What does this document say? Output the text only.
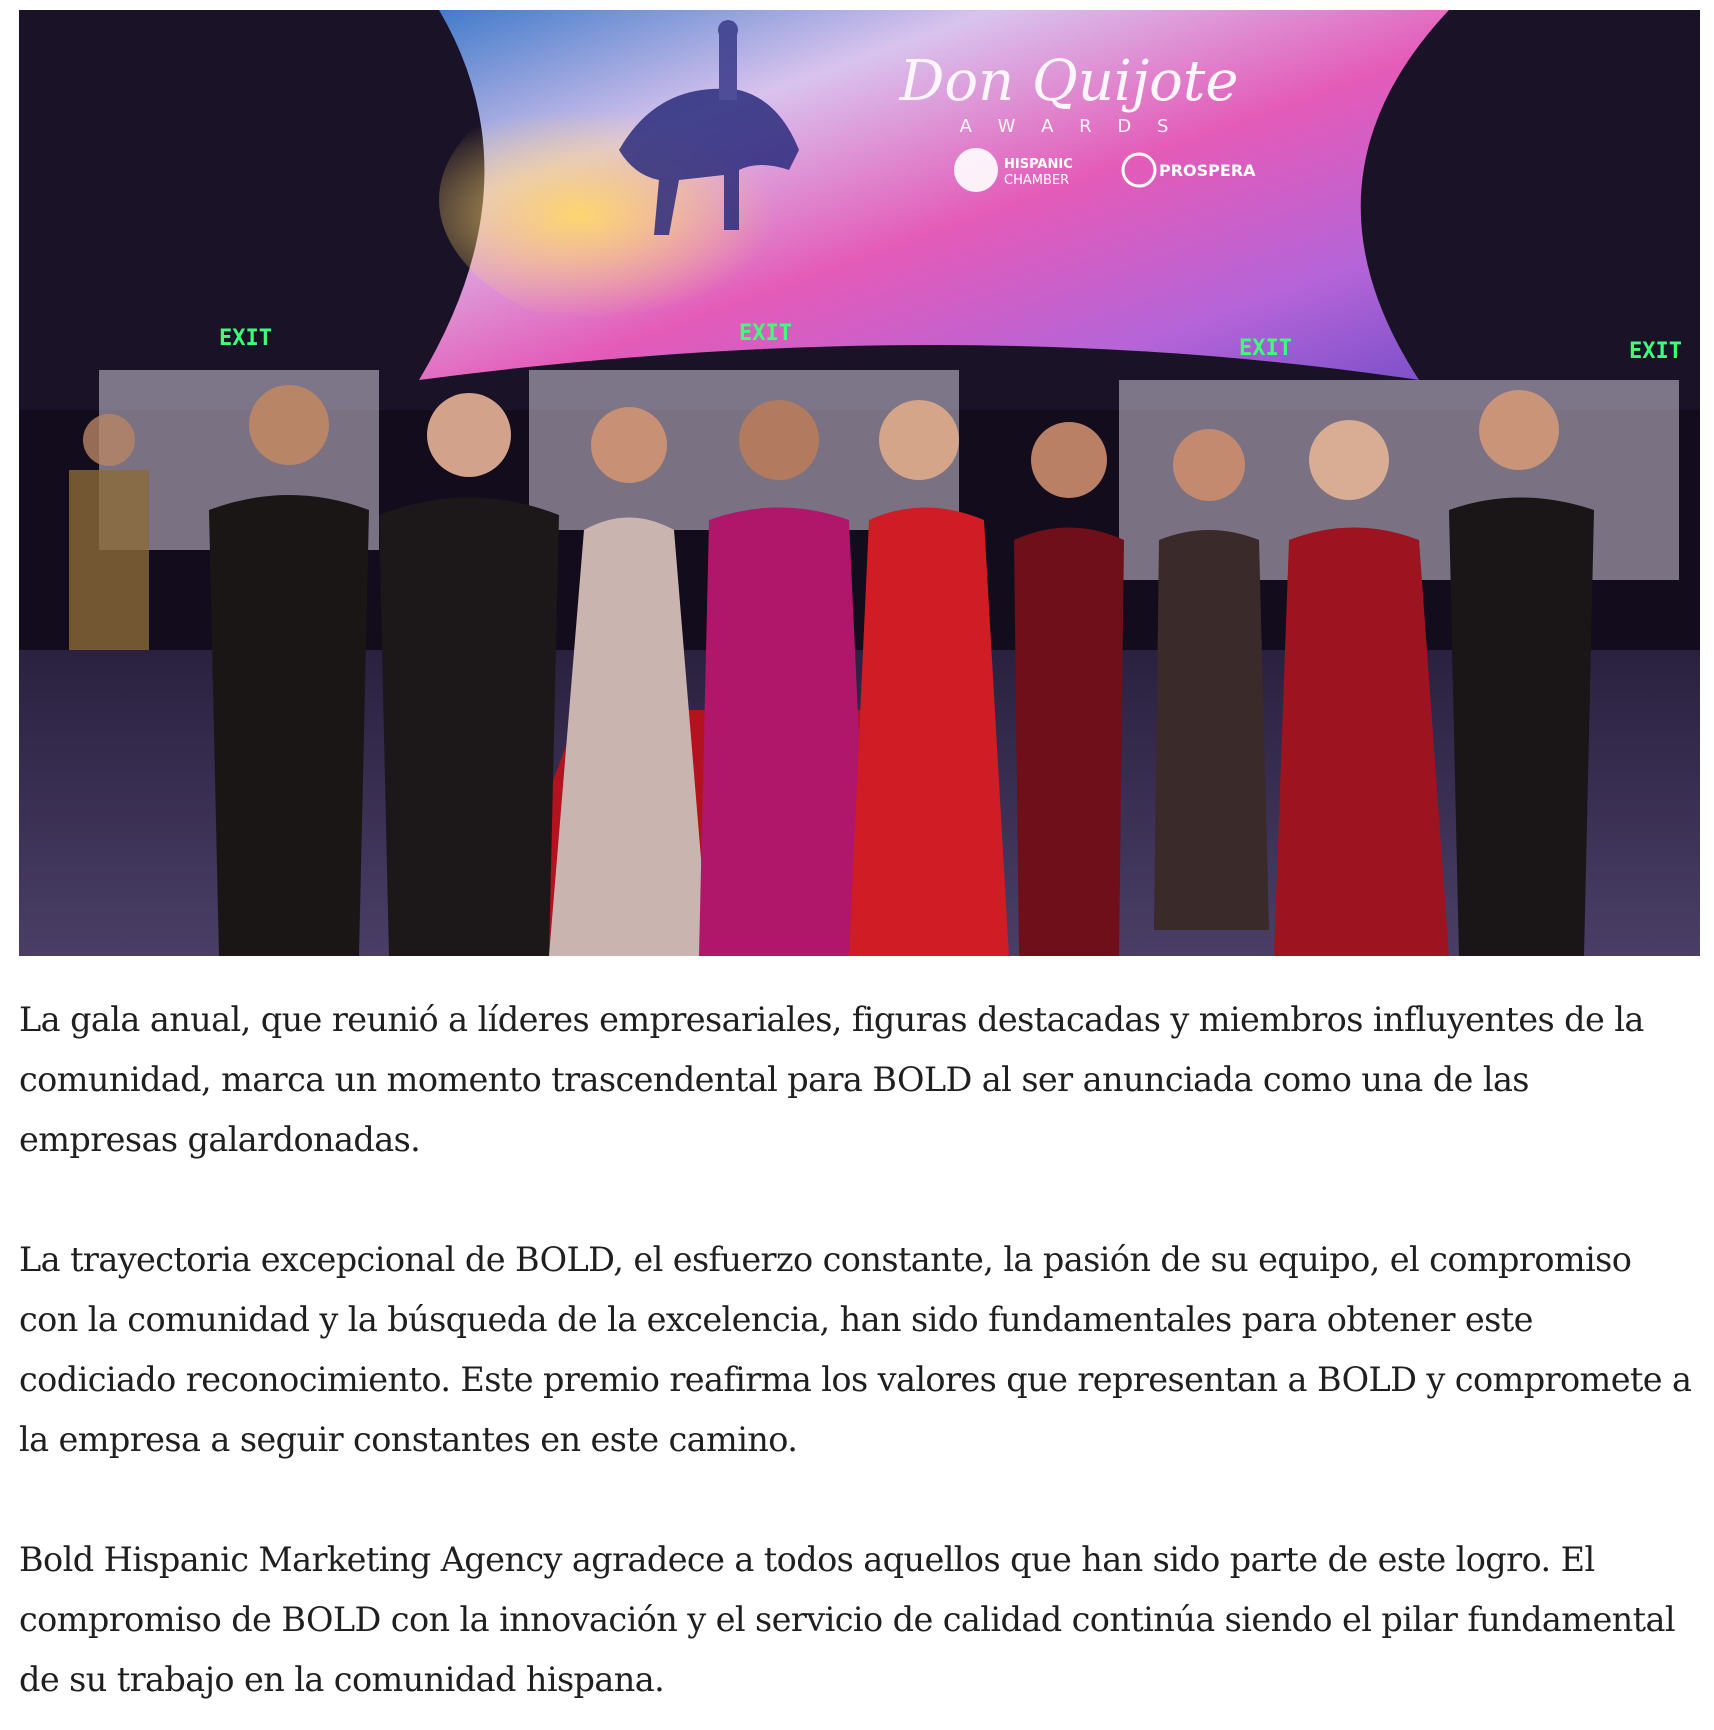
Don Quijote
A W A R D S
HISPANIC
CHAMBER
PROSPERA
EXIT	EXIT
EXIT	EXIT

La gala anual, que reunió a líderes empresariales, figuras destacadas y miembros influyentes de la comunidad, marca un momento trascendental para BOLD al ser anunciada como una de las empresas galardonadas.

La trayectoria excepcional de BOLD, el esfuerzo constante, la pasión de su equipo, el compromiso con la comunidad y la búsqueda de la excelencia, han sido fundamentales para obtener este codiciado reconocimiento. Este premio reafirma los valores que representan a BOLD y compromete a la empresa a seguir constantes en este camino.

Bold Hispanic Marketing Agency agradece a todos aquellos que han sido parte de este logro. El compromiso de BOLD con la innovación y el servicio de calidad continúa siendo el pilar fundamental de su trabajo en la comunidad hispana.
